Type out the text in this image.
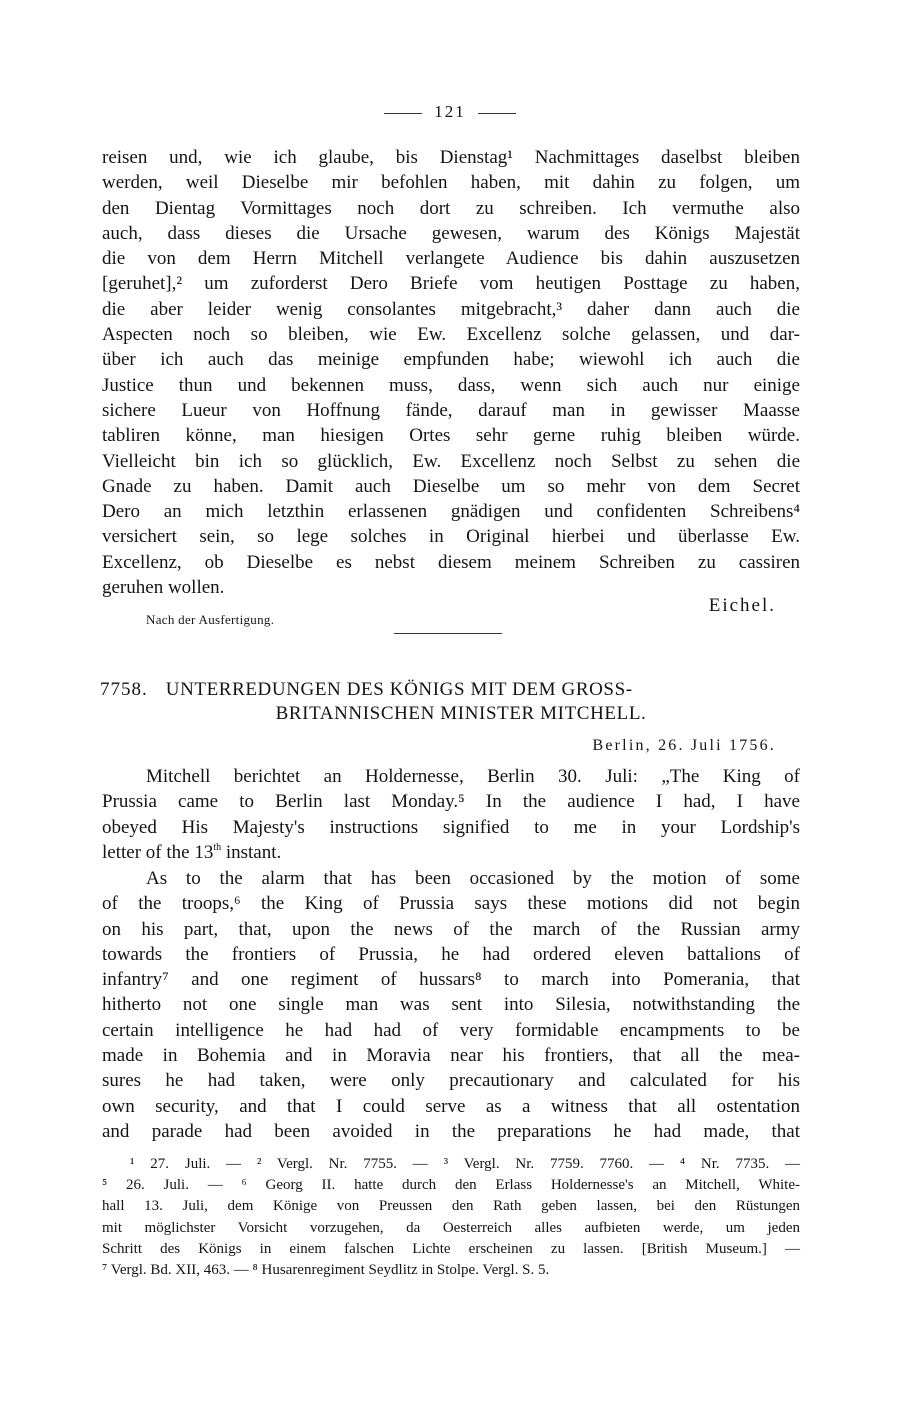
121
reisen und, wie ich glaube, bis Dienstag¹ Nachmittages daselbst bleiben
werden, weil Dieselbe mir befohlen haben, mit dahin zu folgen, um
den Dientag Vormittages noch dort zu schreiben. Ich vermuthe also
auch, dass dieses die Ursache gewesen, warum des Königs Majestät
die von dem Herrn Mitchell verlangete Audience bis dahin auszusetzen
[geruhet],² um zuforderst Dero Briefe vom heutigen Posttage zu haben,
die aber leider wenig consolantes mitgebracht,³ daher dann auch die
Aspecten noch so bleiben, wie Ew. Excellenz solche gelassen, und dar-
über ich auch das meinige empfunden habe; wiewohl ich auch die
Justice thun und bekennen muss, dass, wenn sich auch nur einige
sichere Lueur von Hoffnung fände, darauf man in gewisser Maasse
tabliren könne, man hiesigen Ortes sehr gerne ruhig bleiben würde.
Vielleicht bin ich so glücklich, Ew. Excellenz noch Selbst zu sehen die
Gnade zu haben. Damit auch Dieselbe um so mehr von dem Secret
Dero an mich letzthin erlassenen gnädigen und confidenten Schreibens⁴
versichert sein, so lege solches in Original hierbei und überlasse Ew.
Excellenz, ob Dieselbe es nebst diesem meinem Schreiben zu cassiren
geruhen wollen.
Eichel.
Nach der Ausfertigung.
7758. UNTERREDUNGEN DES KÖNIGS MIT DEM GROSS-
BRITANNISCHEN MINISTER MITCHELL.
Berlin, 26. Juli 1756.
Mitchell berichtet an Holdernesse, Berlin 30. Juli: „The King of
Prussia came to Berlin last Monday.⁵ In the audience I had, I have
obeyed His Majesty's instructions signified to me in your Lordship's
letter of the 13th instant.
As to the alarm that has been occasioned by the motion of some
of the troops,⁶ the King of Prussia says these motions did not begin
on his part, that, upon the news of the march of the Russian army
towards the frontiers of Prussia, he had ordered eleven battalions of
infantry⁷ and one regiment of hussars⁸ to march into Pomerania, that
hitherto not one single man was sent into Silesia, notwithstanding the
certain intelligence he had had of very formidable encampments to be
made in Bohemia and in Moravia near his frontiers, that all the mea-
sures he had taken, were only precautionary and calculated for his
own security, and that I could serve as a witness that all ostentation
and parade had been avoided in the preparations he had made, that
¹ 27. Juli. — ² Vergl. Nr. 7755. — ³ Vergl. Nr. 7759. 7760. — ⁴ Nr. 7735. —
⁵ 26. Juli. — ⁶ Georg II. hatte durch den Erlass Holdernesse's an Mitchell, White-
hall 13. Juli, dem Könige von Preussen den Rath geben lassen, bei den Rüstungen
mit möglichster Vorsicht vorzugehen, da Oesterreich alles aufbieten werde, um jeden
Schritt des Königs in einem falschen Lichte erscheinen zu lassen. [British Museum.] —
⁷ Vergl. Bd. XII, 463. — ⁸ Husarenregiment Seydlitz in Stolpe. Vergl. S. 5.
